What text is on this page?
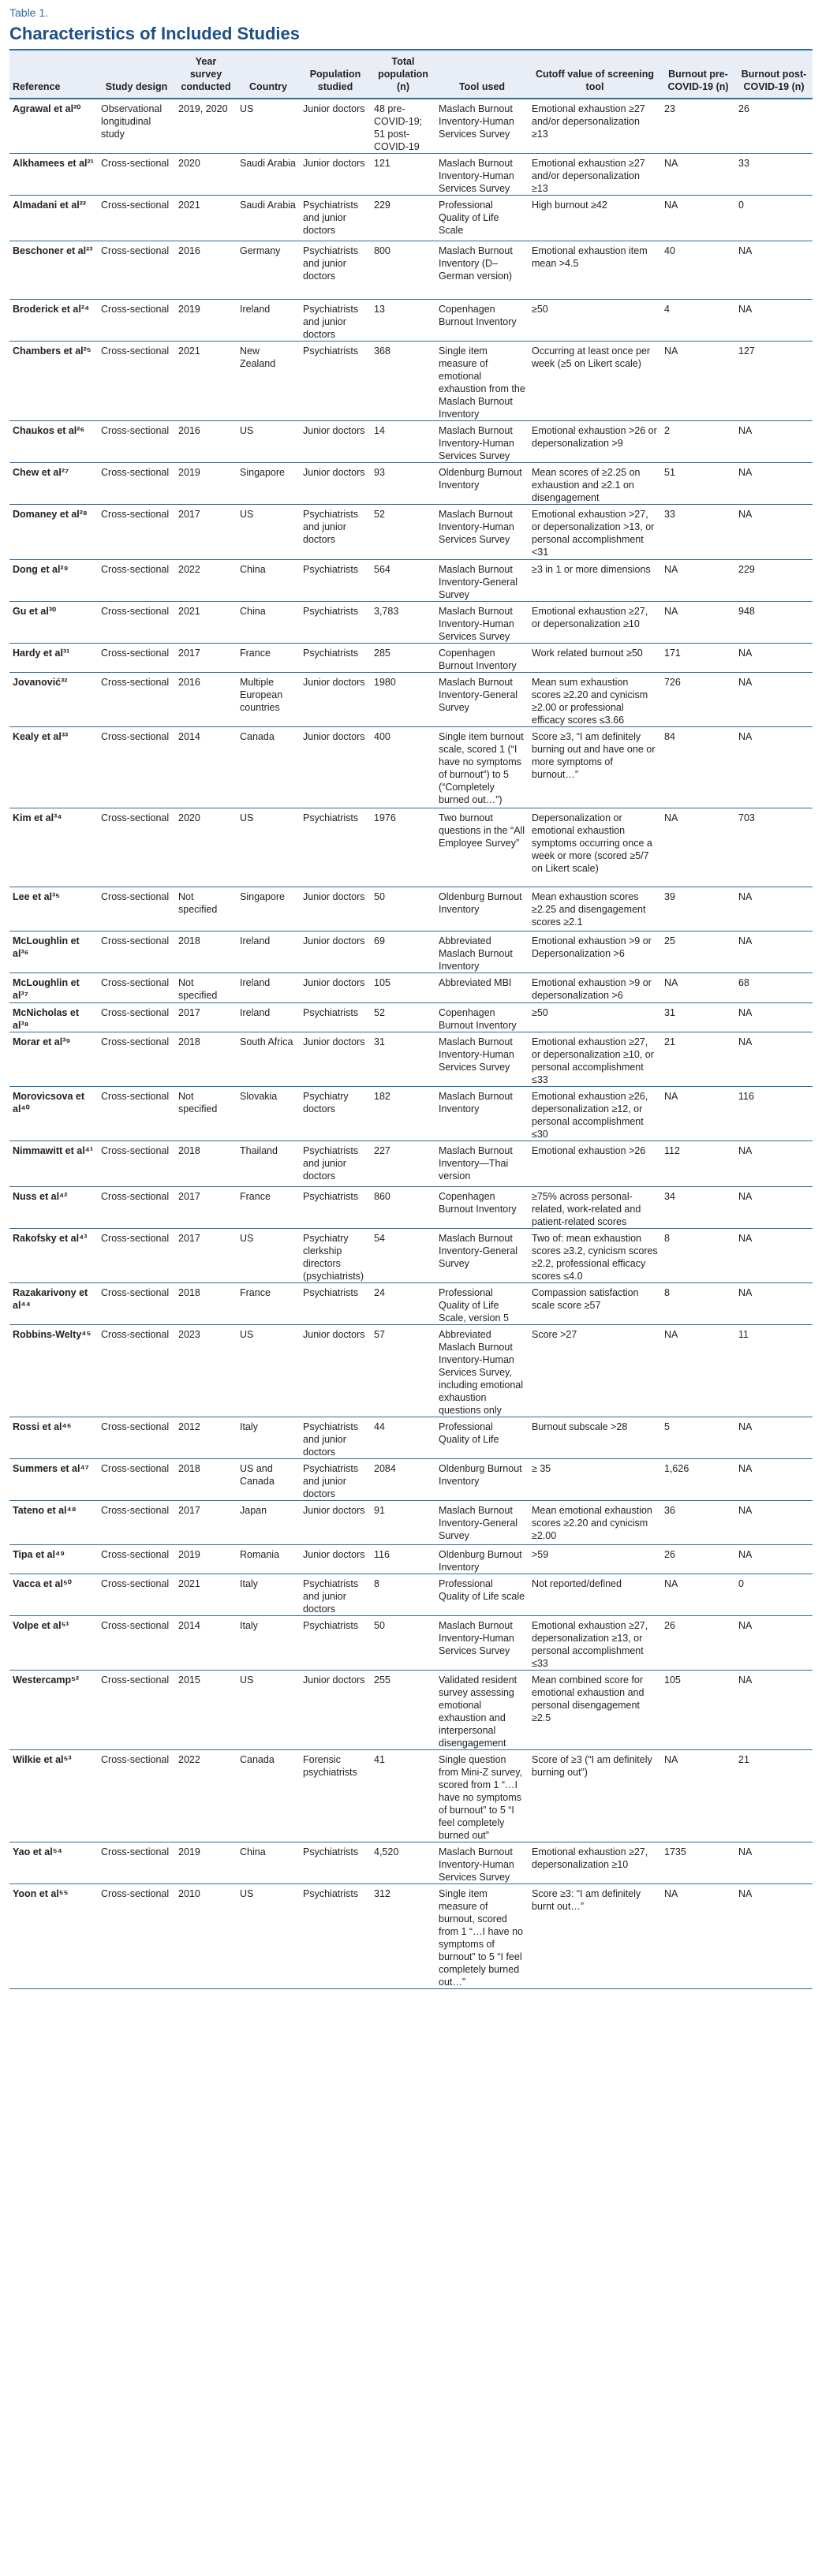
Table 1.
Characteristics of Included Studies
Reference	Study design	Year survey conducted	Country	Population studied	Total population (n)	Tool used	Cutoff value of screening tool	Burnout pre-COVID-19 (n)	Burnout post-COVID-19 (n)
Agrawal et al²⁰	Observational longitudinal study	2019, 2020	US	Junior doctors	48 pre-COVID-19; 51 post-COVID-19	Maslach Burnout Inventory-Human Services Survey	Emotional exhaustion ≥27 and/or depersonalization ≥13	23	26
Alkhamees et al²¹	Cross-sectional	2020	Saudi Arabia	Junior doctors	121	Maslach Burnout Inventory-Human Services Survey	Emotional exhaustion ≥27 and/or depersonalization ≥13	NA	33
Almadani et al²²	Cross-sectional	2021	Saudi Arabia	Psychiatrists and junior doctors	229	Professional Quality of Life Scale	High burnout ≥42	NA	0
Beschoner et al²³	Cross-sectional	2016	Germany	Psychiatrists and junior doctors	800	Maslach Burnout Inventory (D–German version)	Emotional exhaustion item mean >4.5	40	NA
Broderick et al²⁴	Cross-sectional	2019	Ireland	Psychiatrists and junior doctors	13	Copenhagen Burnout Inventory	≥50	4	NA
Chambers et al²⁵	Cross-sectional	2021	New Zealand	Psychiatrists	368	Single item measure of emotional exhaustion from the Maslach Burnout Inventory	Occurring at least once per week (≥5 on Likert scale)	NA	127
Chaukos et al²⁶	Cross-sectional	2016	US	Junior doctors	14	Maslach Burnout Inventory-Human Services Survey	Emotional exhaustion >26 or depersonalization >9	2	NA
Chew et al²⁷	Cross-sectional	2019	Singapore	Junior doctors	93	Oldenburg Burnout Inventory	Mean scores of ≥2.25 on exhaustion and ≥2.1 on disengagement	51	NA
Domaney et al²⁸	Cross-sectional	2017	US	Psychiatrists and junior doctors	52	Maslach Burnout Inventory-Human Services Survey	Emotional exhaustion >27, or depersonalization >13, or personal accomplishment <31	33	NA
Dong et al²⁹	Cross-sectional	2022	China	Psychiatrists	564	Maslach Burnout Inventory-General Survey	≥3 in 1 or more dimensions	NA	229
Gu et al³⁰	Cross-sectional	2021	China	Psychiatrists	3,783	Maslach Burnout Inventory-Human Services Survey	Emotional exhaustion ≥27, or depersonalization ≥10	NA	948
Hardy et al³¹	Cross-sectional	2017	France	Psychiatrists	285	Copenhagen Burnout Inventory	Work related burnout ≥50	171	NA
Jovanović³²	Cross-sectional	2016	Multiple European countries	Junior doctors	1980	Maslach Burnout Inventory-General Survey	Mean sum exhaustion scores ≥2.20 and cynicism ≥2.00 or professional efficacy scores ≤3.66	726	NA
Kealy et al³³	Cross-sectional	2014	Canada	Junior doctors	400	Single item burnout scale, scored 1 (“I have no symptoms of burnout”) to 5 (“Completely burned out…”)	Score ≥3, “I am definitely burning out and have one or more symptoms of burnout…”	84	NA
Kim et al³⁴	Cross-sectional	2020	US	Psychiatrists	1976	Two burnout questions in the “All Employee Survey”	Depersonalization or emotional exhaustion symptoms occurring once a week or more (scored ≥5/7 on Likert scale)	NA	703
Lee et al³⁵	Cross-sectional	Not specified	Singapore	Junior doctors	50	Oldenburg Burnout Inventory	Mean exhaustion scores ≥2.25 and disengagement scores ≥2.1	39	NA
McLoughlin et al³⁶	Cross-sectional	2018	Ireland	Junior doctors	69	Abbreviated Maslach Burnout Inventory	Emotional exhaustion >9 or Depersonalization >6	25	NA
McLoughlin et al³⁷	Cross-sectional	Not specified	Ireland	Junior doctors	105	Abbreviated MBI	Emotional exhaustion >9 or depersonalization >6	NA	68
McNicholas et al³⁸	Cross-sectional	2017	Ireland	Psychiatrists	52	Copenhagen Burnout Inventory	≥50	31	NA
Morar et al³⁹	Cross-sectional	2018	South Africa	Junior doctors	31	Maslach Burnout Inventory-Human Services Survey	Emotional exhaustion ≥27, or depersonalization ≥10, or personal accomplishment ≤33	21	NA
Morovicsova et al⁴⁰	Cross-sectional	Not specified	Slovakia	Psychiatry doctors	182	Maslach Burnout Inventory	Emotional exhaustion ≥26, depersonalization ≥12, or personal accomplishment ≤30	NA	116
Nimmawitt et al⁴¹	Cross-sectional	2018	Thailand	Psychiatrists and junior doctors	227	Maslach Burnout Inventory—Thai version	Emotional exhaustion >26	112	NA
Nuss et al⁴²	Cross-sectional	2017	France	Psychiatrists	860	Copenhagen Burnout Inventory	≥75% across personal-related, work-related and patient-related scores	34	NA
Rakofsky et al⁴³	Cross-sectional	2017	US	Psychiatry clerkship directors (psychiatrists)	54	Maslach Burnout Inventory-General Survey	Two of: mean exhaustion scores ≥3.2, cynicism scores ≥2.2, professional efficacy scores ≤4.0	8	NA
Razakarivony et al⁴⁴	Cross-sectional	2018	France	Psychiatrists	24	Professional Quality of Life Scale, version 5	Compassion satisfaction scale score ≥57	8	NA
Robbins-Welty⁴⁵	Cross-sectional	2023	US	Junior doctors	57	Abbreviated Maslach Burnout Inventory-Human Services Survey, including emotional exhaustion questions only	Score >27	NA	11
Rossi et al⁴⁶	Cross-sectional	2012	Italy	Psychiatrists and junior doctors	44	Professional Quality of Life	Burnout subscale >28	5	NA
Summers et al⁴⁷	Cross-sectional	2018	US and Canada	Psychiatrists and junior doctors	2084	Oldenburg Burnout Inventory	≥ 35	1,626	NA
Tateno et al⁴⁸	Cross-sectional	2017	Japan	Junior doctors	91	Maslach Burnout Inventory-General Survey	Mean emotional exhaustion scores ≥2.20 and cynicism ≥2.00	36	NA
Tipa et al⁴⁹	Cross-sectional	2019	Romania	Junior doctors	116	Oldenburg Burnout Inventory	>59	26	NA
Vacca et al⁵⁰	Cross-sectional	2021	Italy	Psychiatrists and junior doctors	8	Professional Quality of Life scale	Not reported/defined	NA	0
Volpe et al⁵¹	Cross-sectional	2014	Italy	Psychiatrists	50	Maslach Burnout Inventory-Human Services Survey	Emotional exhaustion ≥27, depersonalization ≥13, or personal accomplishment ≤33	26	NA
Westercamp⁵²	Cross-sectional	2015	US	Junior doctors	255	Validated resident survey assessing emotional exhaustion and interpersonal disengagement	Mean combined score for emotional exhaustion and personal disengagement ≥2.5	105	NA
Wilkie et al⁵³	Cross-sectional	2022	Canada	Forensic psychiatrists	41	Single question from Mini-Z survey, scored from 1 “…I have no symptoms of burnout” to 5 “I feel completely burned out”	Score of ≥3 (“I am definitely burning out”)	NA	21
Yao et al⁵⁴	Cross-sectional	2019	China	Psychiatrists	4,520	Maslach Burnout Inventory-Human Services Survey	Emotional exhaustion ≥27, depersonalization ≥10	1735	NA
Yoon et al⁵⁵	Cross-sectional	2010	US	Psychiatrists	312	Single item measure of burnout, scored from 1 “…I have no symptoms of burnout” to 5 “I feel completely burned out…”	Score ≥3: “I am definitely burnt out…”	NA	NA
